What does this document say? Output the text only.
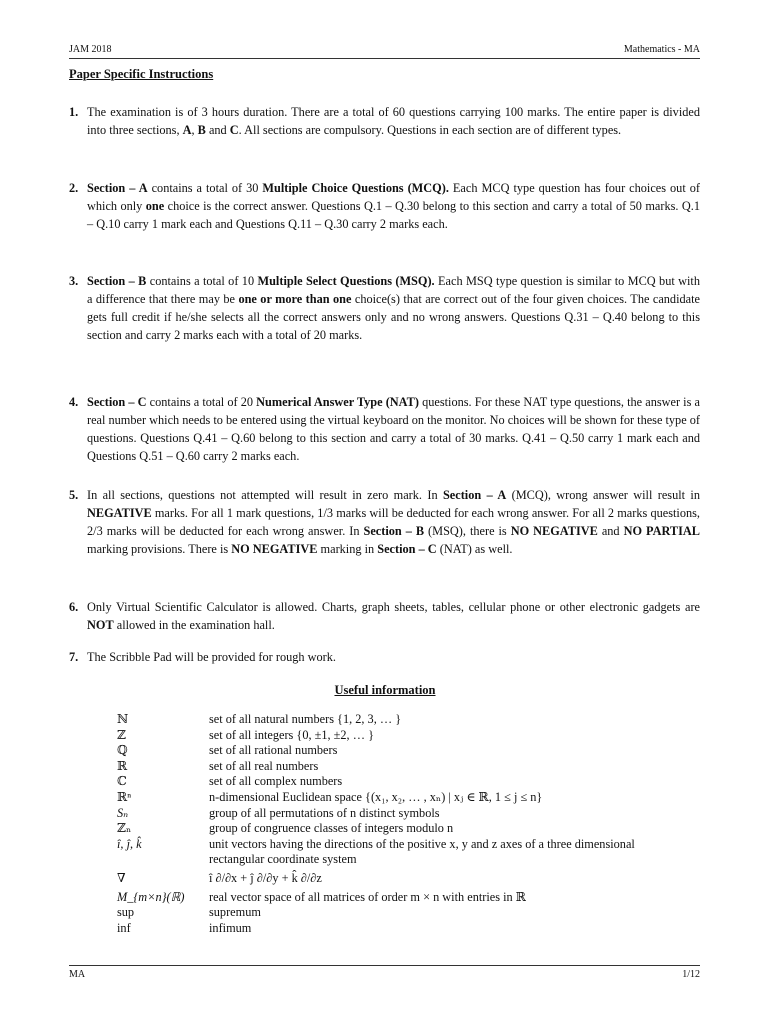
JAM 2018	Mathematics - MA
Paper Specific Instructions
1. The examination is of 3 hours duration. There are a total of 60 questions carrying 100 marks. The entire paper is divided into three sections, A, B and C. All sections are compulsory. Questions in each section are of different types.
2. Section – A contains a total of 30 Multiple Choice Questions (MCQ). Each MCQ type question has four choices out of which only one choice is the correct answer. Questions Q.1 – Q.30 belong to this section and carry a total of 50 marks. Q.1 – Q.10 carry 1 mark each and Questions Q.11 – Q.30 carry 2 marks each.
3. Section – B contains a total of 10 Multiple Select Questions (MSQ). Each MSQ type question is similar to MCQ but with a difference that there may be one or more than one choice(s) that are correct out of the four given choices. The candidate gets full credit if he/she selects all the correct answers only and no wrong answers. Questions Q.31 – Q.40 belong to this section and carry 2 marks each with a total of 20 marks.
4. Section – C contains a total of 20 Numerical Answer Type (NAT) questions. For these NAT type questions, the answer is a real number which needs to be entered using the virtual keyboard on the monitor. No choices will be shown for these type of questions. Questions Q.41 – Q.60 belong to this section and carry a total of 30 marks. Q.41 – Q.50 carry 1 mark each and Questions Q.51 – Q.60 carry 2 marks each.
5. In all sections, questions not attempted will result in zero mark. In Section – A (MCQ), wrong answer will result in NEGATIVE marks. For all 1 mark questions, 1/3 marks will be deducted for each wrong answer. For all 2 marks questions, 2/3 marks will be deducted for each wrong answer. In Section – B (MSQ), there is NO NEGATIVE and NO PARTIAL marking provisions. There is NO NEGATIVE marking in Section – C (NAT) as well.
6. Only Virtual Scientific Calculator is allowed. Charts, graph sheets, tables, cellular phone or other electronic gadgets are NOT allowed in the examination hall.
7. The Scribble Pad will be provided for rough work.
Useful information
ℕ	set of all natural numbers {1, 2, 3, … }
ℤ	set of all integers {0, ±1, ±2, … }
ℚ	set of all rational numbers
ℝ	set of all real numbers
ℂ	set of all complex numbers
ℝⁿ	n-dimensional Euclidean space {(x₁, x₂, … , xₙ) | xⱼ ∈ ℝ, 1 ≤ j ≤ n}
Sₙ	group of all permutations of n distinct symbols
ℤₙ	group of congruence classes of integers modulo n
î, ĵ, k̂	unit vectors having the directions of the positive x, y and z axes of a three dimensional rectangular coordinate system
∇	î ∂/∂x + ĵ ∂/∂y + k̂ ∂/∂z
M_{m×n}(ℝ)	real vector space of all matrices of order m × n with entries in ℝ
sup	supremum
inf	infimum
MA	1/12
